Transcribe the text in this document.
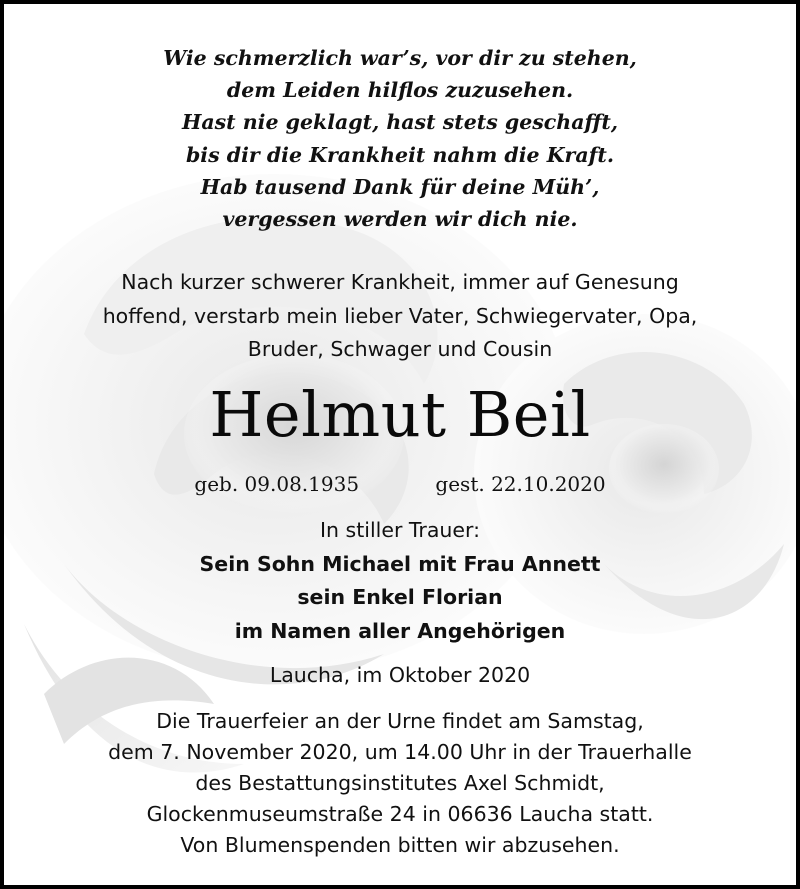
Wie schmerzlich war’s, vor dir zu stehen,
dem Leiden hilflos zuzusehen.
Hast nie geklagt, hast stets geschafft,
bis dir die Krankheit nahm die Kraft.
Hab tausend Dank für deine Müh’,
vergessen werden wir dich nie.
Nach kurzer schwerer Krankheit, immer auf Genesung
hoffend, verstarb mein lieber Vater, Schwiegervater, Opa,
Bruder, Schwager und Cousin
Helmut Beil
geb. 09.08.1935	gest. 22.10.2020
In stiller Trauer:
Sein Sohn Michael mit Frau Annett
sein Enkel Florian
im Namen aller Angehörigen
Laucha, im Oktober 2020
Die Trauerfeier an der Urne findet am Samstag,
dem 7. November 2020, um 14.00 Uhr in der Trauerhalle
des Bestattungsinstitutes Axel Schmidt,
Glockenmuseumstraße 24 in 06636 Laucha statt.
Von Blumenspenden bitten wir abzusehen.
